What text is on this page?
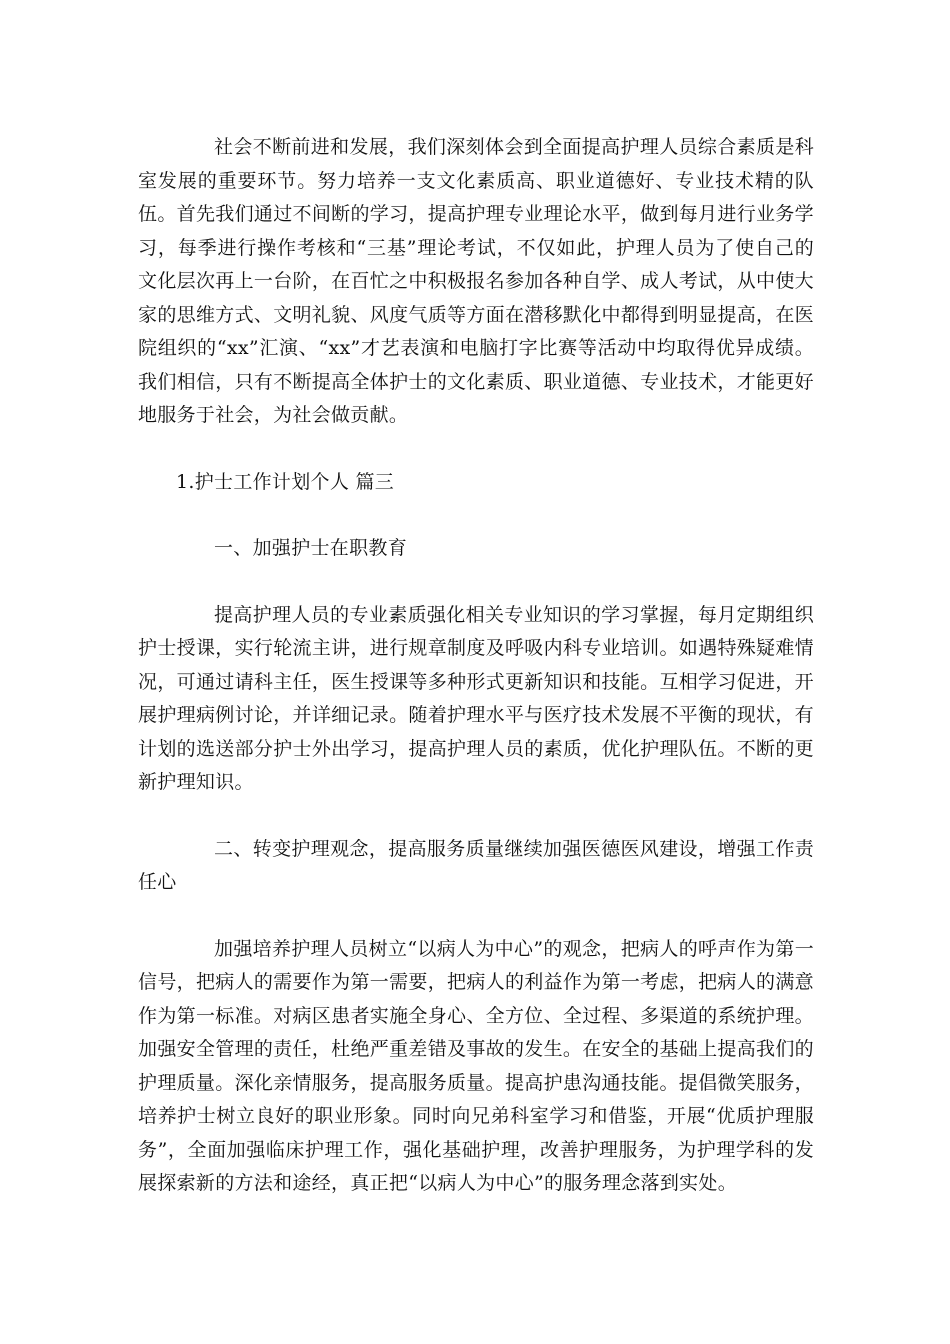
社会不断前进和发展，我们深刻体会到全面提高护理人员综合素质是科室发展的重要环节。努力培养一支文化素质高、职业道德好、专业技术精的队伍。首先我们通过不间断的学习，提高护理专业理论水平，做到每月进行业务学习，每季进行操作考核和“三基”理论考试，不仅如此，护理人员为了使自己的文化层次再上一台阶，在百忙之中积极报名参加各种自学、成人考试，从中使大家的思维方式、文明礼貌、风度气质等方面在潜移默化中都得到明显提高，在医院组织的“xx”汇演、“xx”才艺表演和电脑打字比赛等活动中均取得优异成绩。我们相信，只有不断提高全体护士的文化素质、职业道德、专业技术，才能更好地服务于社会，为社会做贡献。

1.护士工作计划个人 篇三

一、加强护士在职教育

提高护理人员的专业素质强化相关专业知识的学习掌握，每月定期组织护士授课，实行轮流主讲，进行规章制度及呼吸内科专业培训。如遇特殊疑难情况，可通过请科主任，医生授课等多种形式更新知识和技能。互相学习促进，开展护理病例讨论，并详细记录。随着护理水平与医疗技术发展不平衡的现状，有计划的选送部分护士外出学习，提高护理人员的素质，优化护理队伍。不断的更新护理知识。

二、转变护理观念，提高服务质量继续加强医德医风建设，增强工作责任心

加强培养护理人员树立“以病人为中心”的观念，把病人的呼声作为第一信号，把病人的需要作为第一需要，把病人的利益作为第一考虑，把病人的满意作为第一标准。对病区患者实施全身心、全方位、全过程、多渠道的系统护理。加强安全管理的责任，杜绝严重差错及事故的发生。在安全的基础上提高我们的护理质量。深化亲情服务，提高服务质量。提高护患沟通技能。提倡微笑服务，培养护士树立良好的职业形象。同时向兄弟科室学习和借鉴，开展“优质护理服务”，全面加强临床护理工作，强化基础护理，改善护理服务，为护理学科的发展探索新的方法和途经，真正把“以病人为中心”的服务理念落到实处。
